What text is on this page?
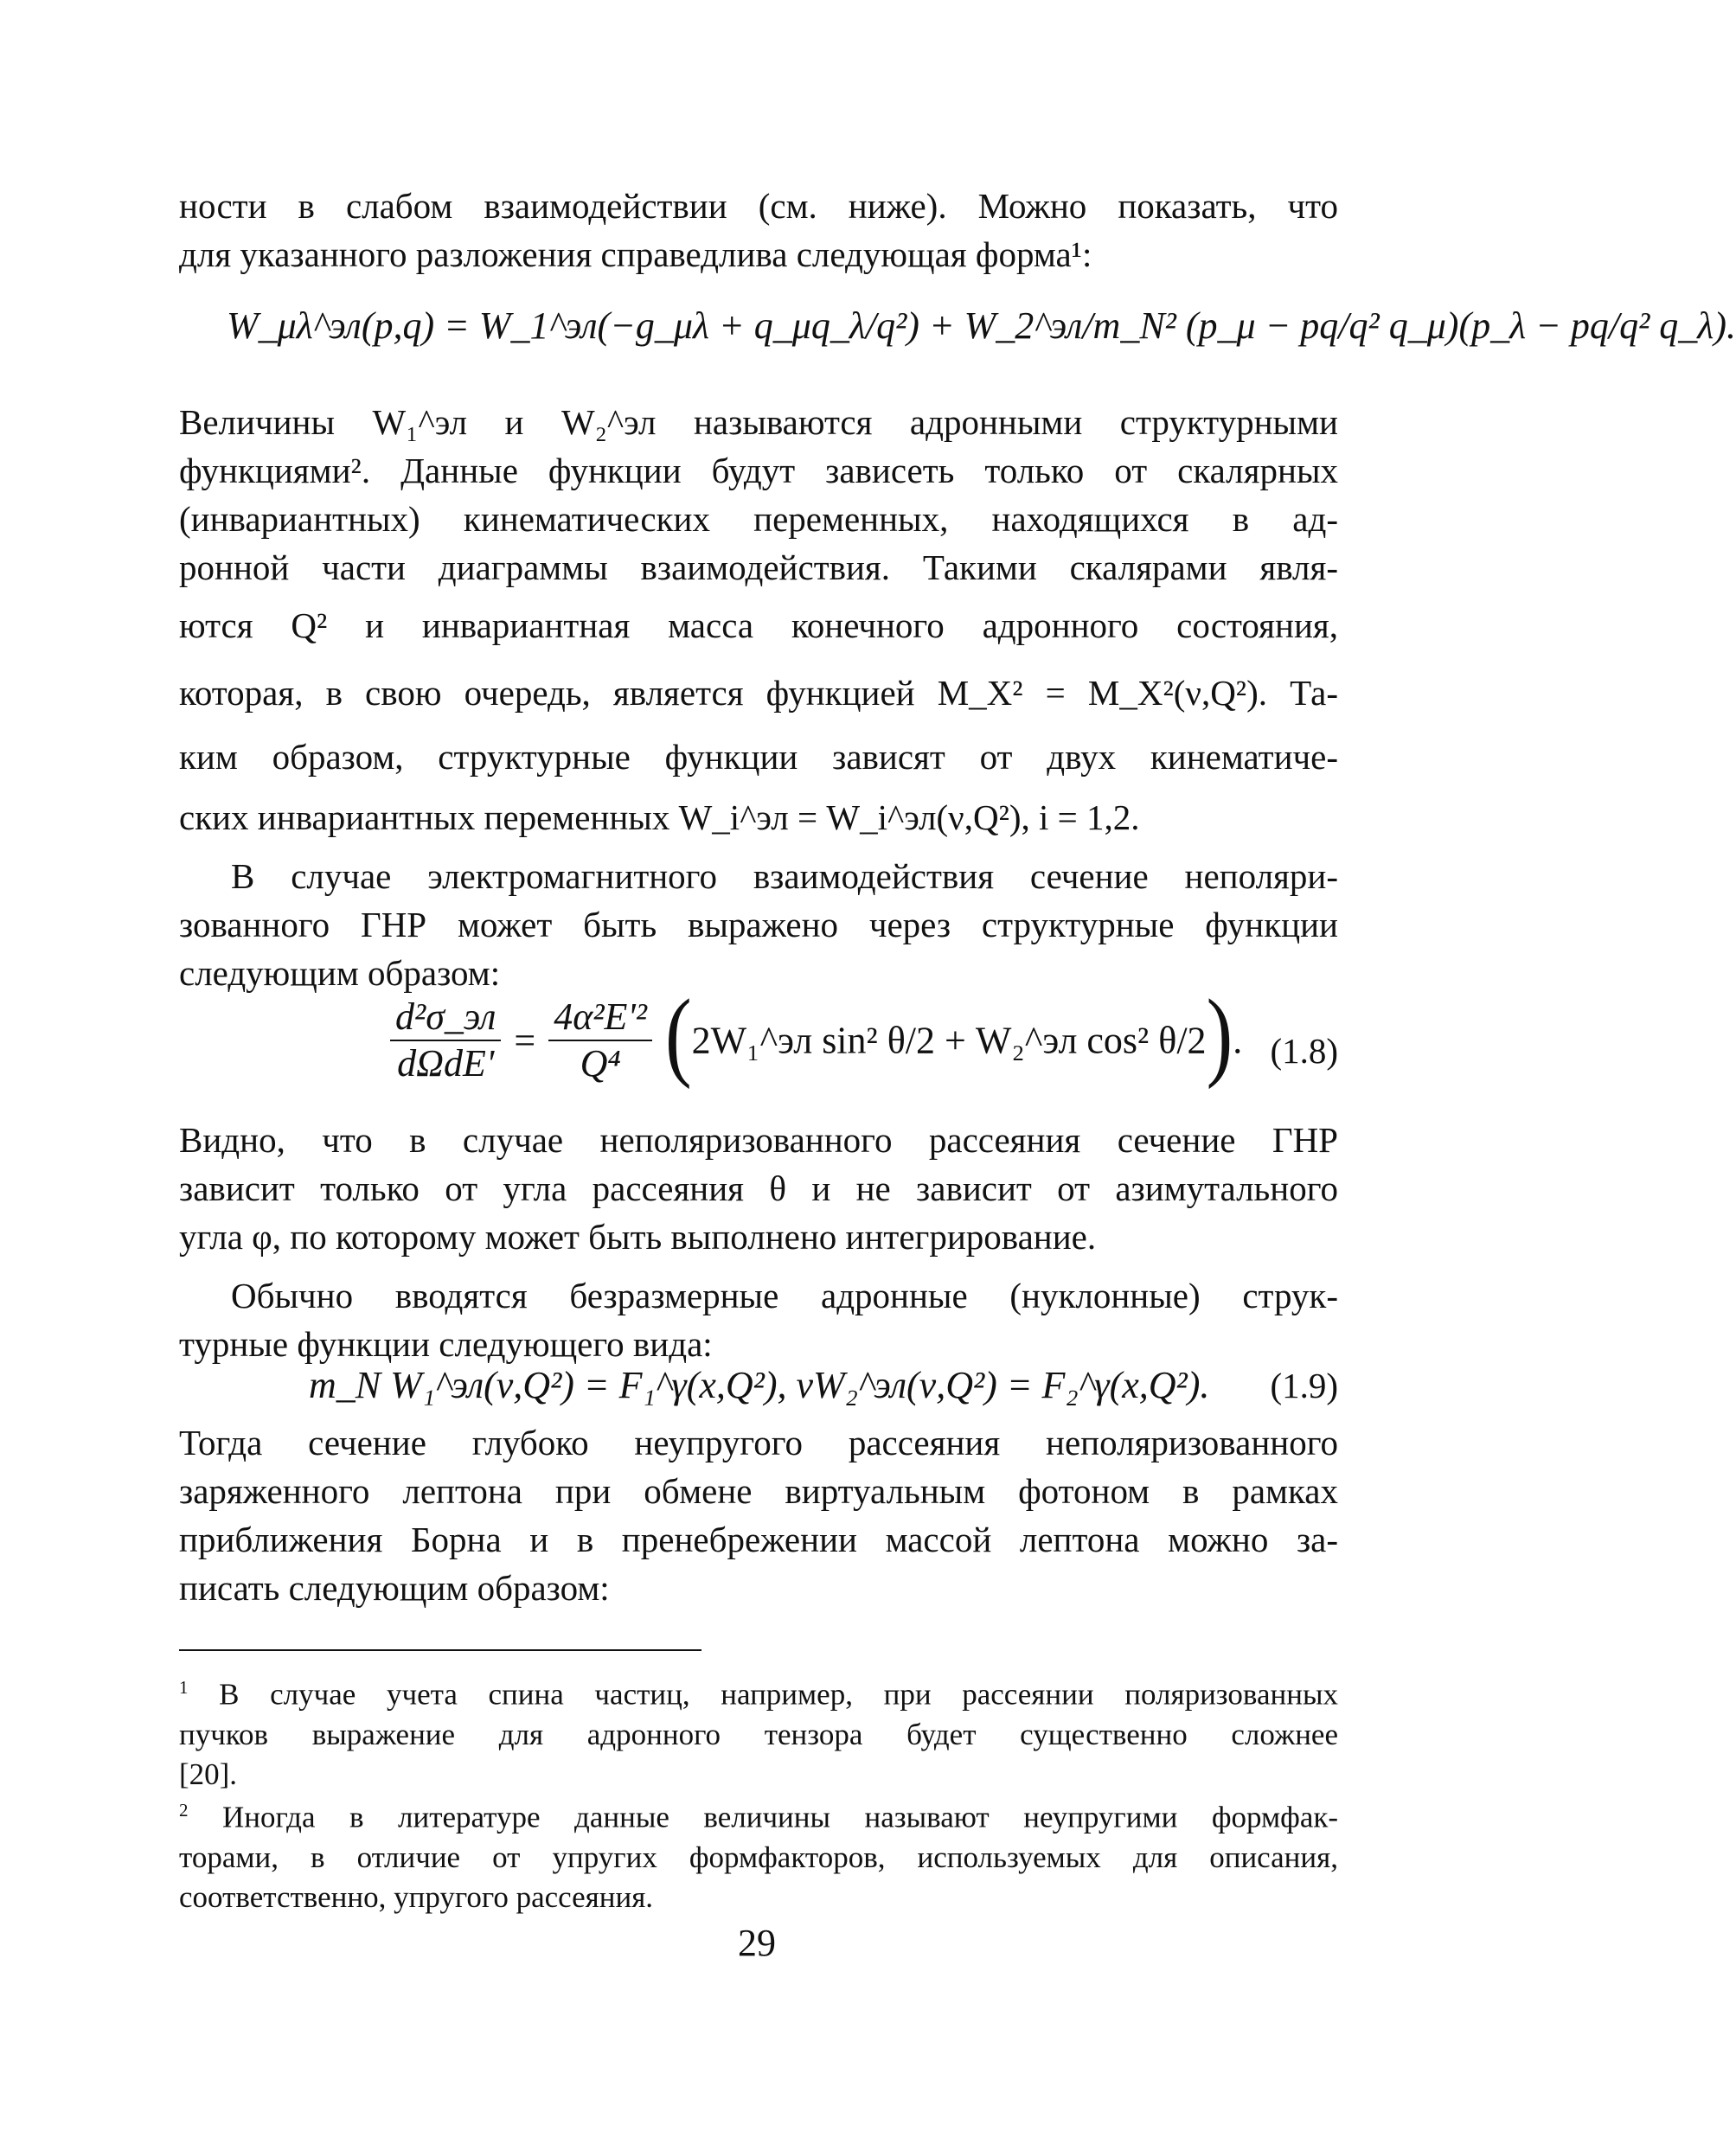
ности в слабом взаимодействии (см. ниже). Можно показать, что
для указанного разложения справедлива следующая форма¹:
W_μλ^эл(p,q) = W_1^эл(−g_μλ + q_μq_λ/q²) + W_2^эл/m_N² (p_μ − pq/q² q_μ)(p_λ − pq/q² q_λ).
Величины W₁^эл и W₂^эл называются адронными структурными
функциями². Данные функции будут зависеть только от скалярных
(инвариантных) кинематических переменных, находящихся в ад-
ронной части диаграммы взаимодействия. Такими скалярами явля-
ются Q² и инвариантная масса конечного адронного состояния,
которая, в свою очередь, является функцией M_X² = M_X²(ν,Q²). Та-
ким образом, структурные функции зависят от двух кинематиче-
ских инвариантных переменных W_i^эл = W_i^эл(ν,Q²), i = 1,2.
В случае электромагнитного взаимодействия сечение неполяри-
зованного ГНР может быть выражено через структурные функции
следующим образом:
$\frac{\text{d²σ\_эл}}{\text{dΩdE'}} = \frac{\text{4α²E'²}}{\text{Q⁴}}$ (2W₁^эл sin² θ/2 + W₂^эл cos² θ/2). (1.8)
Видно, что в случае неполяризованного рассеяния сечение ГНР
зависит только от угла рассеяния θ и не зависит от азимутального
угла φ, по которому может быть выполнено интегрирование.
Обычно вводятся безразмерные адронные (нуклонные) струк-
турные функции следующего вида:
m_N W₁^эл(ν,Q²) = F₁^γ(x,Q²), νW₂^эл(ν,Q²) = F₂^γ(x,Q²). (1.9)
Тогда сечение глубоко неупругого рассеяния неполяризованного
заряженного лептона при обмене виртуальным фотоном в рамках
приближения Борна и в пренебрежении массой лептона можно за-
писать следующим образом:
$^1$ В случае учета спина частиц, например, при рассеянии поляризованных
пучков выражение для адронного тензора будет существенно сложнее
[20].
$^2$ Иногда в литературе данные величины называют неупругими формфак-
торами, в отличие от упругих формфакторов, используемых для описания,
соответственно, упругого рассеяния.
29
